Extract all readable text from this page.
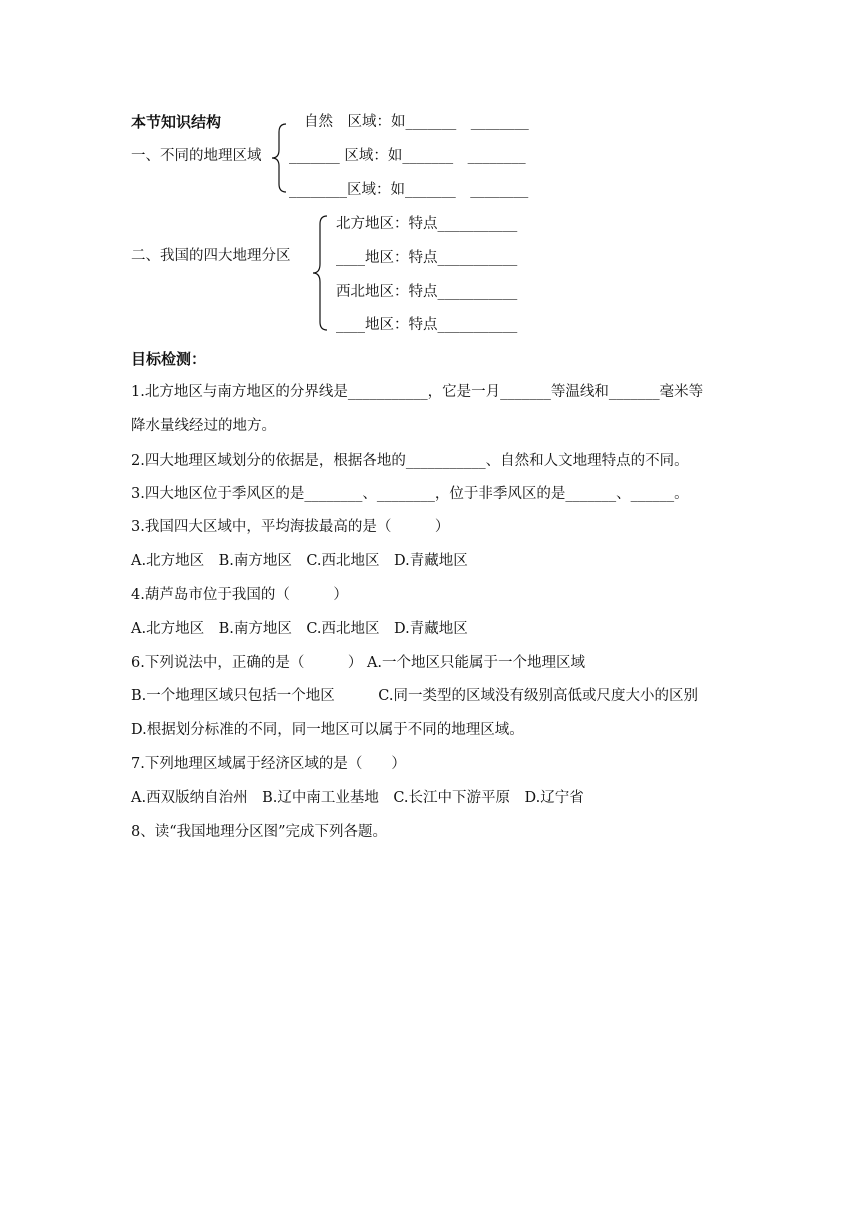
本节知识结构
一、不同的地理区域
自然　区域：如_______　________
_______ 区域：如_______　________
________区域：如_______　________
二、我国的四大地理分区
北方地区：特点___________
____地区：特点___________
西北地区：特点___________
____地区：特点___________
目标检测：
1.北方地区与南方地区的分界线是___________，它是一月_______等温线和_______毫米等
降水量线经过的地方。
2.四大地理区域划分的依据是，根据各地的___________、自然和人文地理特点的不同。
3.四大地区位于季风区的是________、________，位于非季风区的是_______、______。
3.我国四大区域中，平均海拔最高的是（　　　）
A.北方地区　B.南方地区　C.西北地区　D.青藏地区
4.葫芦岛市位于我国的（　　　）
A.北方地区　B.南方地区　C.西北地区　D.青藏地区
6.下列说法中，正确的是（　　　） A.一个地区只能属于一个地理区域
B.一个地理区域只包括一个地区　　　C.同一类型的区域没有级别高低或尺度大小的区别
D.根据划分标准的不同，同一地区可以属于不同的地理区域。
7.下列地理区域属于经济区域的是（　　）
A.西双版纳自治州　B.辽中南工业基地　C.长江中下游平原　D.辽宁省
8、读“我国地理分区图”完成下列各题。
